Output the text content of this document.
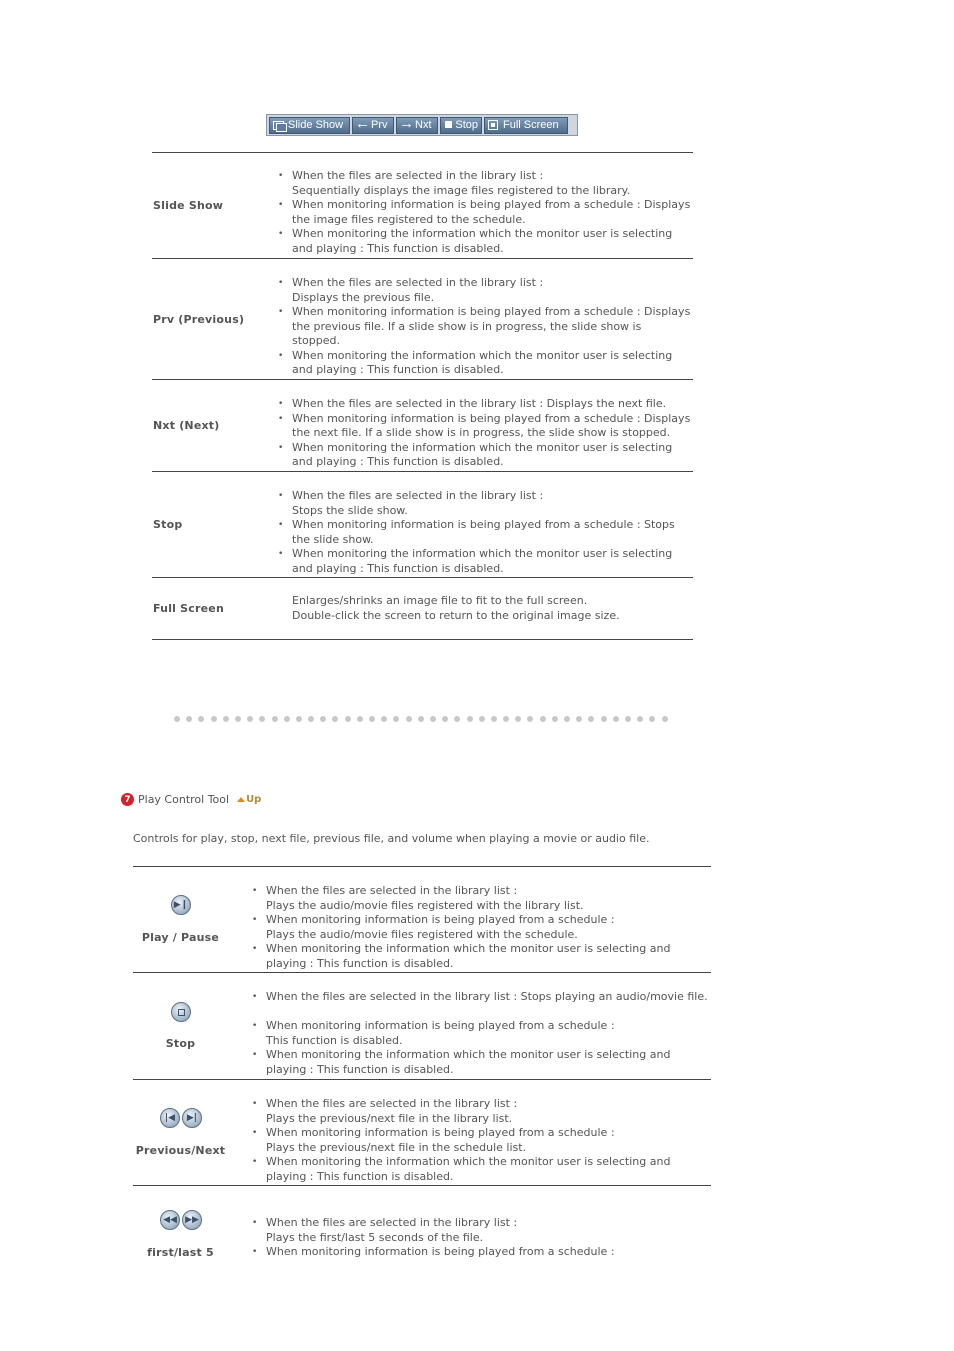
Slide Show ←	Prv →	Nxt Stop Full Screen
Slide Show
• When the files are selected in the library list :

Sequentially displays the image files registered to the library.

• When monitoring information is being played from a schedule : Displays

the image files registered to the schedule.

• When monitoring the information which the monitor user is selecting

and playing : This function is disabled.

Prv (Previous)
• When the files are selected in the library list :

Displays the previous file.

• When monitoring information is being played from a schedule : Displays

the previous file. If a slide show is in progress, the slide show is

stopped.

• When monitoring the information which the monitor user is selecting

and playing : This function is disabled.

Nxt (Next)
• When the files are selected in the library list : Displays the next file.
• When monitoring information is being played from a schedule : Displays

the next file. If a slide show is in progress, the slide show is stopped.

• When monitoring the information which the monitor user is selecting

and playing : This function is disabled.

Stop
• When the files are selected in the library list :

Stops the slide show.

• When monitoring information is being played from a schedule : Stops

the slide show.

• When monitoring the information which the monitor user is selecting

and playing : This function is disabled.

Full Screen

Enlarges/shrinks an image file to fit to the full screen.

Double-click the screen to return to the original image size.

7 Play Control Tool Up
Controls for play, stop, next file, previous file, and volume when playing a movie or audio file.
▶❙
Play / Pause
• When the files are selected in the library list :

Plays the audio/movie files registered with the library list.

• When monitoring information is being played from a schedule :

Plays the audio/movie files registered with the schedule.

• When monitoring the information which the monitor user is selecting and

playing : This function is disabled.

Stop
• When the files are selected in the library list : Stops playing an audio/movie file.
• When monitoring information is being played from a schedule :

This function is disabled.

• When monitoring the information which the monitor user is selecting and

playing : This function is disabled.

|◀	▶|
Previous/Next
• When the files are selected in the library list :

Plays the previous/next file in the library list.

• When monitoring information is being played from a schedule :

Plays the previous/next file in the schedule list.

• When monitoring the information which the monitor user is selecting and

playing : This function is disabled.

◀◀ ▶▶
first/last 5
• When the files are selected in the library list :

Plays the first/last 5 seconds of the file.

• When monitoring information is being played from a schedule :
